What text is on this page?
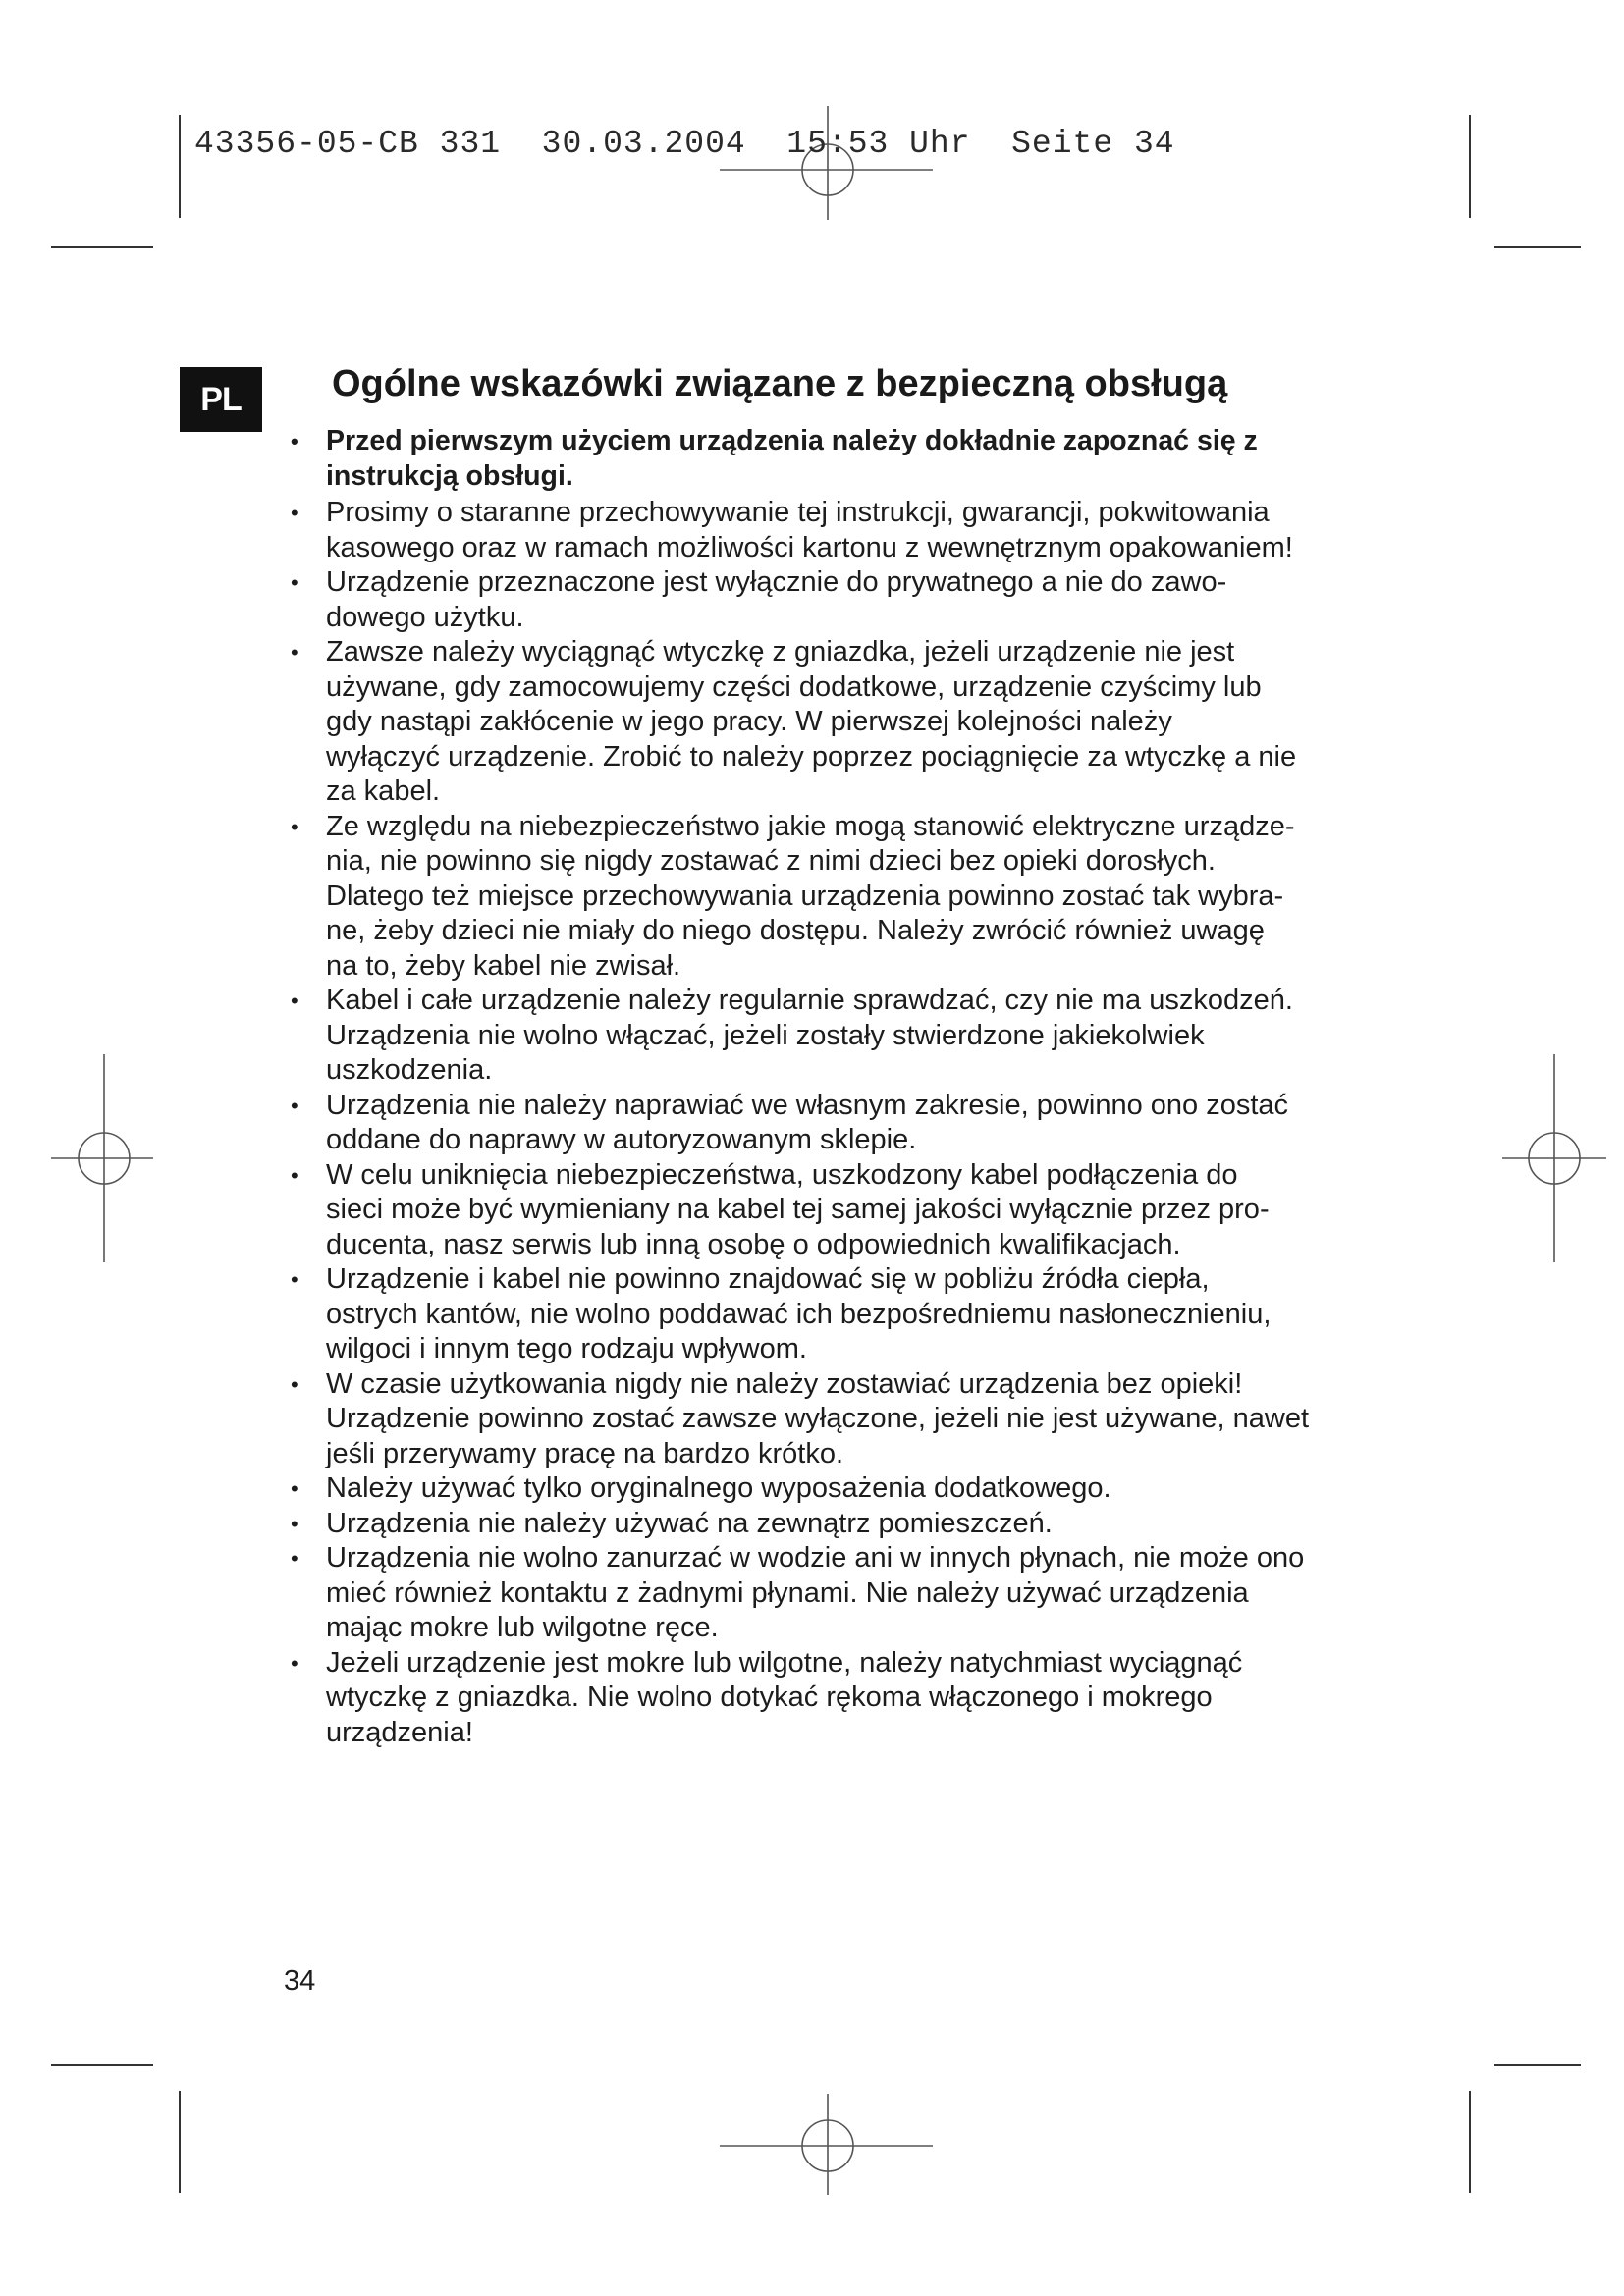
43356-05-CB 331  30.03.2004  15:53 Uhr  Seite 34
PL	Ogólne wskazówki związane z bezpieczną obsługą
• Przed pierwszym użyciem urządzenia należy dokładnie zapoznać się z
instrukcją obsługi.
• Prosimy o staranne przechowywanie tej instrukcji, gwarancji, pokwitowania
kasowego oraz w ramach możliwości kartonu z wewnętrznym opakowaniem!
• Urządzenie przeznaczone jest wyłącznie do prywatnego a nie do zawo-
dowego użytku.
• Zawsze należy wyciągnąć wtyczkę z gniazdka, jeżeli urządzenie nie jest
używane, gdy zamocowujemy części dodatkowe, urządzenie czyścimy lub
gdy nastąpi zakłócenie w jego pracy. W pierwszej kolejności należy
wyłączyć urządzenie. Zrobić to należy poprzez pociągnięcie za wtyczkę a nie
za kabel.
• Ze względu na niebezpieczeństwo jakie mogą stanowić elektryczne urządze-
nia, nie powinno się nigdy zostawać z nimi dzieci bez opieki dorosłych.
Dlatego też miejsce przechowywania urządzenia powinno zostać tak wybra-
ne, żeby dzieci nie miały do niego dostępu. Należy zwrócić również uwagę
na to, żeby kabel nie zwisał.
• Kabel i całe urządzenie należy regularnie sprawdzać, czy nie ma uszkodzeń.
Urządzenia nie wolno włączać, jeżeli zostały stwierdzone jakiekolwiek
uszkodzenia.
• Urządzenia nie należy naprawiać we własnym zakresie, powinno ono zostać
oddane do naprawy w autoryzowanym sklepie.
• W celu uniknięcia niebezpieczeństwa, uszkodzony kabel podłączenia do
sieci może być wymieniany na kabel tej samej jakości wyłącznie przez pro-
ducenta, nasz serwis lub inną osobę o odpowiednich kwalifikacjach.
• Urządzenie i kabel nie powinno znajdować się w pobliżu źródła ciepła,
ostrych kantów, nie wolno poddawać ich bezpośredniemu nasłonecznieniu,
wilgoci i innym tego rodzaju wpływom.
• W czasie użytkowania nigdy nie należy zostawiać urządzenia bez opieki!
Urządzenie powinno zostać zawsze wyłączone, jeżeli nie jest używane, nawet
jeśli przerywamy pracę na bardzo krótko.
• Należy używać tylko oryginalnego wyposażenia dodatkowego.
• Urządzenia nie należy używać na zewnątrz pomieszczeń.
• Urządzenia nie wolno zanurzać w wodzie ani w innych płynach, nie może ono
mieć również kontaktu z żadnymi płynami. Nie należy używać urządzenia
mając mokre lub wilgotne ręce.
• Jeżeli urządzenie jest mokre lub wilgotne, należy natychmiast wyciągnąć
wtyczkę z gniazdka. Nie wolno dotykać rękoma włączonego i mokrego
urządzenia!
34
